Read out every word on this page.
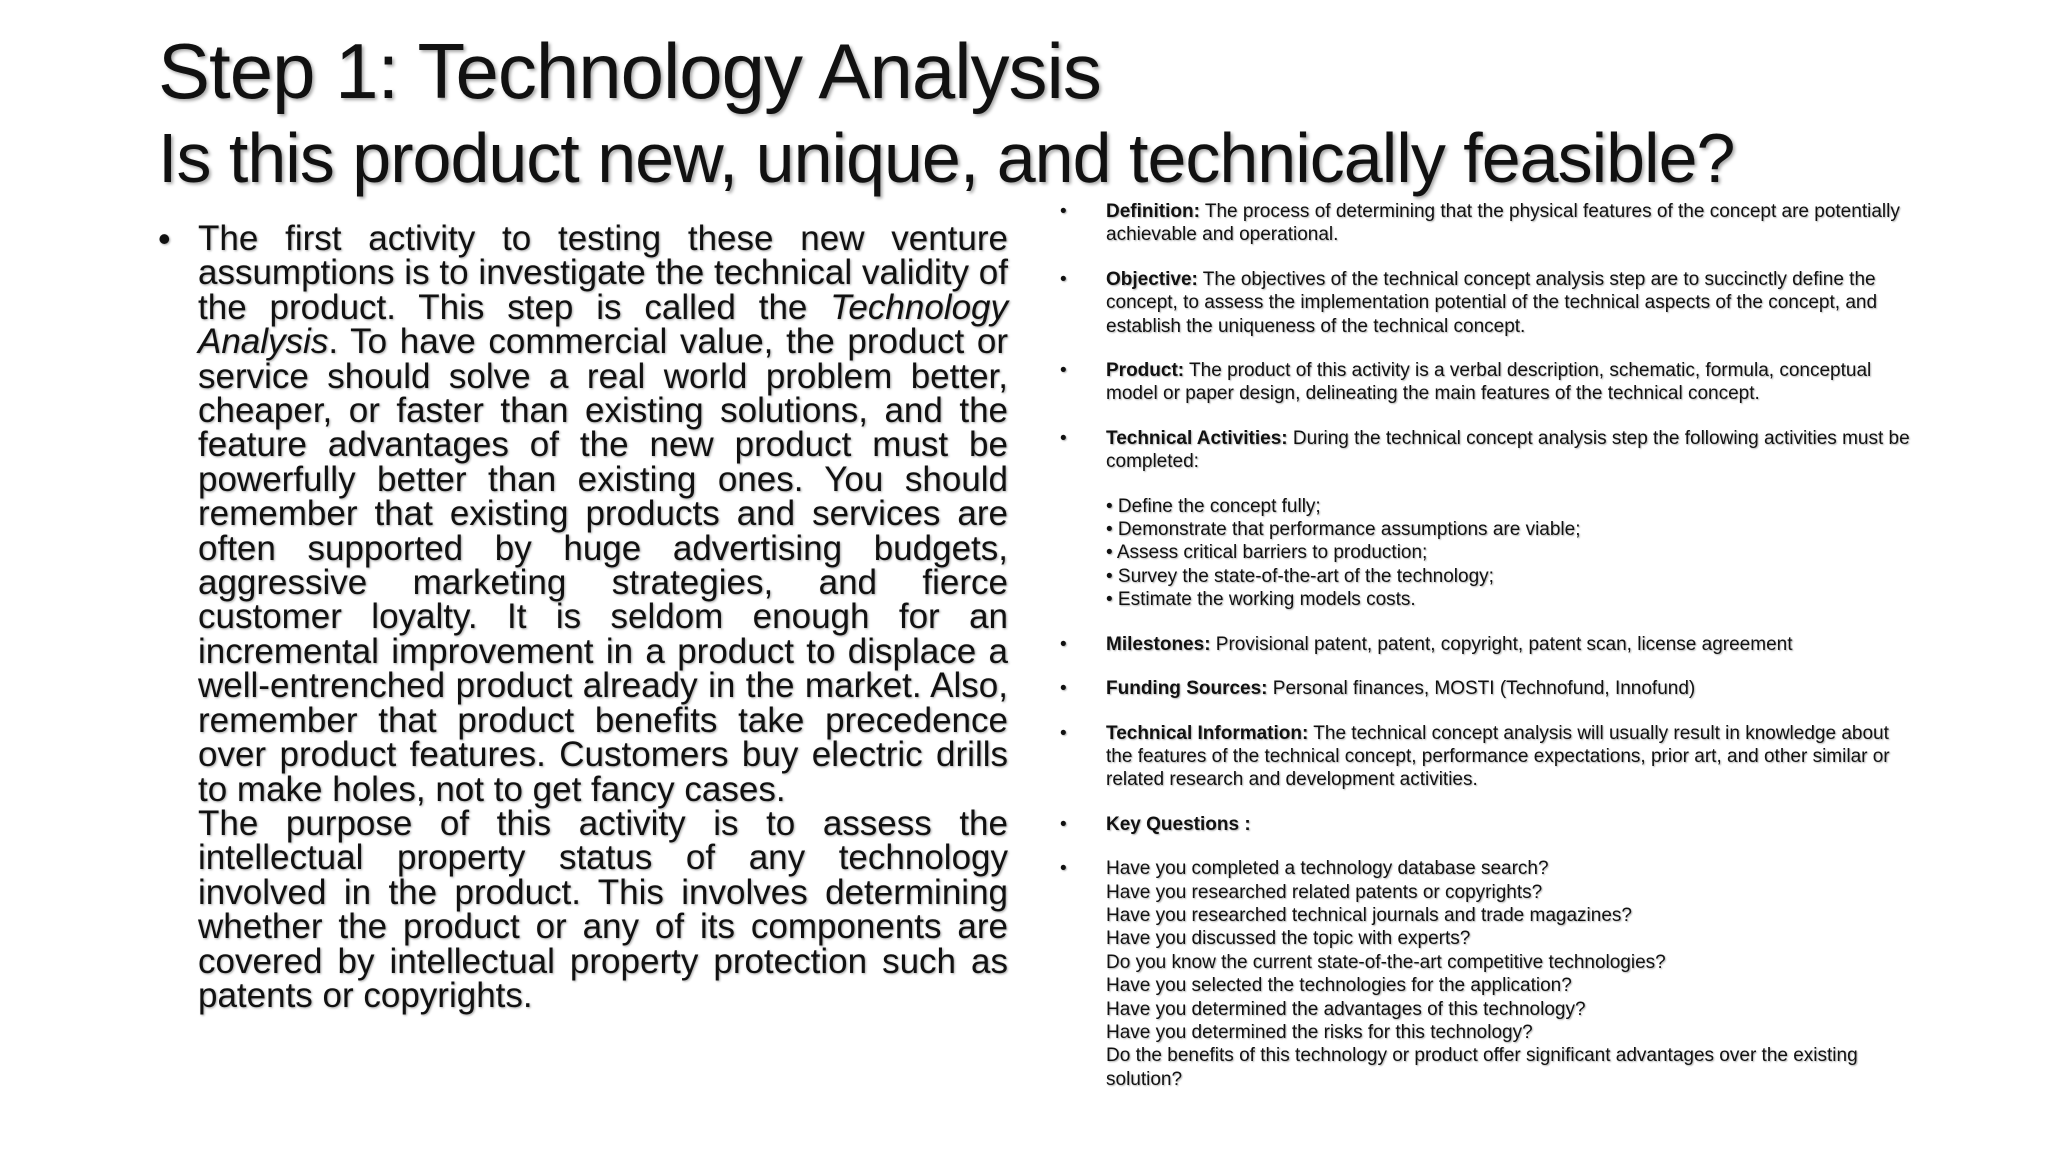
Step 1: Technology Analysis
Is this product new, unique, and technically feasible?
• The first activity to testing these new venture assumptions is to investigate the technical validity of the product. This step is called the Technology Analysis. To have commercial value, the product or service should solve a real world problem better, cheaper, or faster than existing solutions, and the feature advantages of the new product must be powerfully better than existing ones. You should remember that existing products and services are often supported by huge advertising budgets, aggressive marketing strategies, and fierce customer loyalty. It is seldom enough for an incremental improvement in a product to displace a well-entrenched product already in the market. Also, remember that product benefits take precedence over product features. Customers buy electric drills to make holes, not to get fancy cases.

The purpose of this activity is to assess the intellectual property status of any technology involved in the product. This involves determining whether the product or any of its components are covered by intellectual property protection such as patents or copyrights.

• Definition: The process of determining that the physical features of the concept are potentially achievable and operational.
• Objective: The objectives of the technical concept analysis step are to succinctly define the concept, to assess the implementation potential of the technical aspects of the concept, and establish the uniqueness of the technical concept.
• Product: The product of this activity is a verbal description, schematic, formula, conceptual model or paper design, delineating the main features of the technical concept.
• Technical Activities: During the technical concept analysis step the following activities must be completed:
• Define the concept fully;
• Demonstrate that performance assumptions are viable;
• Assess critical barriers to production;
• Survey the state-of-the-art of the technology;
• Estimate the working models costs.
• Milestones: Provisional patent, patent, copyright, patent scan, license agreement
• Funding Sources: Personal finances, MOSTI (Technofund, Innofund)
• Technical Information: The technical concept analysis will usually result in knowledge about the features of the technical concept, performance expectations, prior art, and other similar or related research and development activities.
• Key Questions :
• Have you completed a technology database search?
Have you researched related patents or copyrights?
Have you researched technical journals and trade magazines?
Have you discussed the topic with experts?
Do you know the current state-of-the-art competitive technologies?
Have you selected the technologies for the application?
Have you determined the advantages of this technology?
Have you determined the risks for this technology?
Do the benefits of this technology or product offer significant advantages over the existing solution?
